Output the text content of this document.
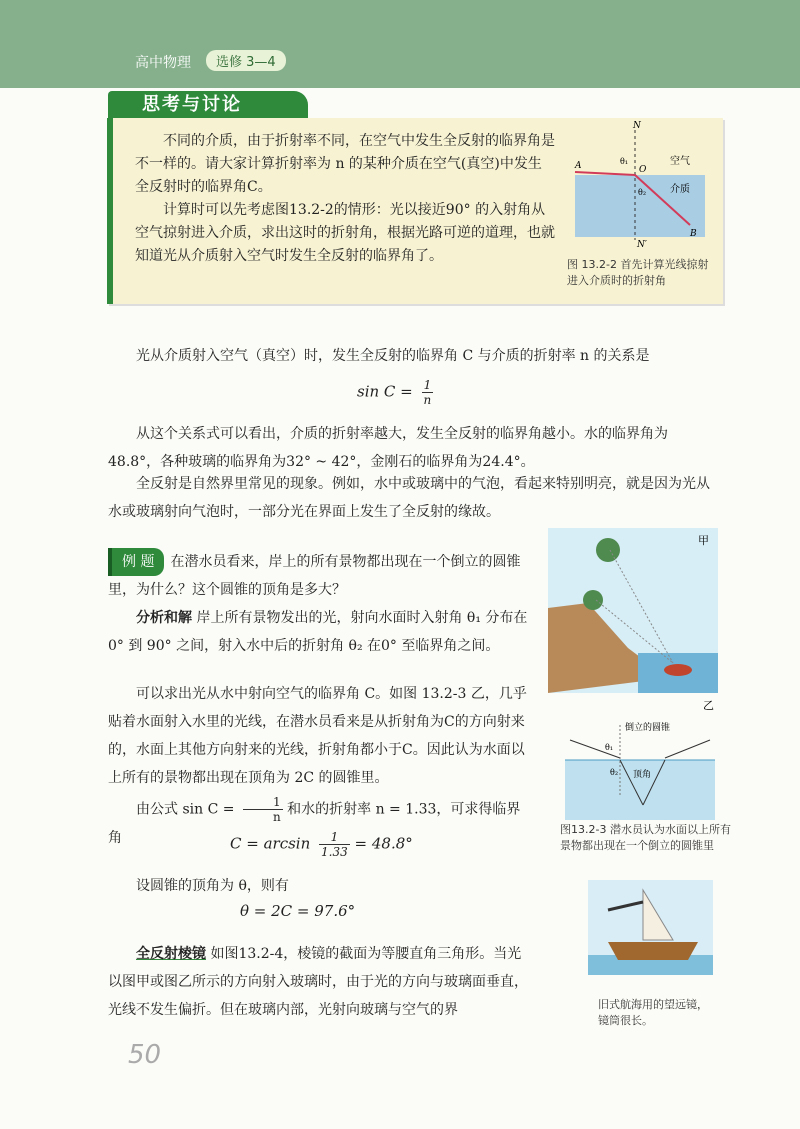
高中物理	选修 3—4
思考与讨论

不同的介质，由于折射率不同，在空气中发生全反射的临界角是不一样的。请大家计算折射率为 n 的某种介质在空气(真空)中发生全反射时的临界角C。

计算时可以先考虑图13.2-2的情形：光以接近90° 的入射角从空气掠射进入介质，求出这时的折射角，根据光路可逆的道理，也就知道光从介质射入空气时发生全反射的临界角了。

N
N′
A	O
B
θ₁
θ₂
空气
介质
图 13.2-2 首先计算光线掠射进入介质时的折射角

光从介质射入空气（真空）时，发生全反射的临界角 C 与介质的折射率 n 的关系是

$\sin C = \frac{1}{n}$

从这个关系式可以看出，介质的折射率越大，发生全反射的临界角越小。水的临界角为48.8°，各种玻璃的临界角为32° ~ 42°，金刚石的临界角为24.4°。

全反射是自然界里常见的现象。例如，水中或玻璃中的气泡，看起来特别明亮，就是因为光从水或玻璃射向气泡时，一部分光在界面上发生了全反射的缘故。

例 题 在潜水员看来，岸上的所有景物都出现在一个倒立的圆锥里，为什么？这个圆锥的顶角是多大？

分析和解 岸上所有景物发出的光，射向水面时入射角 θ₁ 分布在0° 到 90° 之间，射入水中后的折射角 θ₂ 在0° 至临界角之间。

可以求出光从水中射向空气的临界角 C。如图 13.2-3 乙，几乎贴着水面射入水里的光线，在潜水员看来是从折射角为C的方向射来的，水面上其他方向射来的光线，折射角都小于C。因此认为水面以上所有的景物都出现在顶角为 2C 的圆锥里。

由公式 $\sin C = \frac{1}{n}$ 和水的折射率 n = 1.33，可求得临界角	$C = \arcsin \frac{1}{1.33} = 48.8^\circ$

设圆锥的顶角为 θ，则有

θ = 2C = 97.6°

全反射棱镜 如图13.2-4，棱镜的截面为等腰直角三角形。当光以图甲或图乙所示的方向射入玻璃时，由于光的方向与玻璃面垂直，光线不发生偏折。但在玻璃内部，光射向玻璃与空气的界

甲
θ₁
θ₂
倒立的圆锥
顶角
乙
图13.2-3 潜水员认为水面以上所有景物都出现在一个倒立的圆锥里
旧式航海用的望远镜，镜筒很长。
50
